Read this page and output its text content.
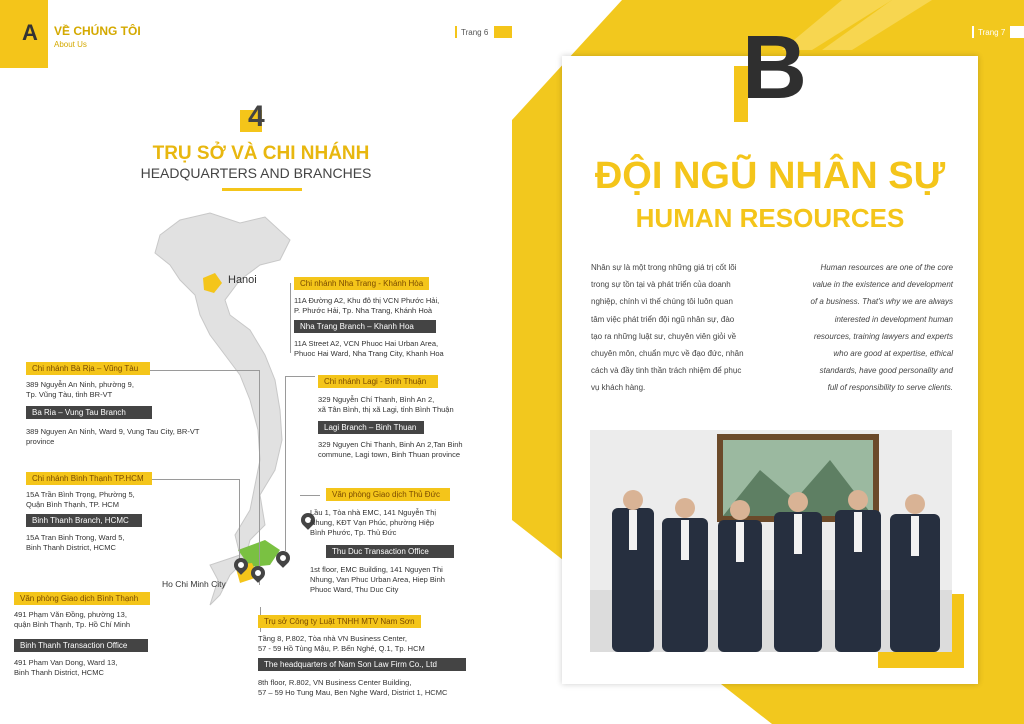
A VỀ CHÚNG TÔI
About Us
Trang 6
4
TRỤ SỞ VÀ CHI NHÁNH
HEADQUARTERS AND BRANCHES
Hanoi
Ho Chi Minh City
Chi nhánh Nha Trang - Khánh Hòa
11A Đường A2, Khu đô thị VCN Phước Hải,
P. Phước Hải, Tp. Nha Trang, Khánh Hoà
Nha Trang Branch – Khanh Hoa
11A Street A2, VCN Phuoc Hai Urban Area,
Phuoc Hai Ward, Nha Trang City, Khanh Hoa
Chi nhánh Bà Rịa – Vũng Tàu
389 Nguyễn An Ninh, phường 9,
Tp. Vũng Tàu, tỉnh BR-VT
Ba Ria – Vung Tau Branch
389 Nguyen An Ninh, Ward 9, Vung Tau City, BR-VT
province
Chi nhánh Lagi - Bình Thuận
329 Nguyễn Chí Thanh, Bình An 2,
xã Tân Bình, thị xã Lagi, tỉnh Bình Thuận
Lagi Branch – Binh Thuan
329 Nguyen Chi Thanh, Binh An 2,Tan Binh
commune, Lagi town, Binh Thuan province
Chi nhánh Bình Thạnh TP.HCM
15A Trần Bình Trọng, Phường 5,
Quận Bình Thạnh, TP. HCM
Binh Thanh Branch, HCMC
15A Tran Binh Trong, Ward 5,
Binh Thanh District, HCMC
Văn phòng Giao dịch Thủ Đức
Lầu 1, Tòa nhà EMC, 141 Nguyễn Thị
Nhung, KĐT Vạn Phúc, phường Hiệp
Bình Phước, Tp. Thủ Đức
Thu Duc Transaction Office
1st floor, EMC Building, 141 Nguyen Thi
Nhung, Van Phuc Urban Area, Hiep Binh
Phuoc Ward, Thu Duc City
Văn phòng Giao dịch Bình Thạnh
491 Phạm Văn Đồng, phường 13,
quận Bình Thạnh, Tp. Hồ Chí Minh
Binh Thanh Transaction Office
491 Pham Van Dong, Ward 13,
Binh Thanh District, HCMC
Trụ sở Công ty Luật TNHH MTV Nam Sơn
Tầng 8, P.802, Tòa nhà VN Business Center,
57 - 59 Hồ Tùng Mậu, P. Bến Nghé, Q.1, Tp. HCM
The headquarters of Nam Son Law Firm Co., Ltd
8th floor, R.802, VN Business Center Building,
57 – 59 Ho Tung Mau, Ben Nghe Ward, District 1, HCMC
Trang 7
B
ĐỘI NGŨ NHÂN SỰ
HUMAN RESOURCES
Nhân sự là một trong những giá trị cốt lõi
trong sự tồn tại và phát triển của doanh
nghiệp, chính vì thế chúng tôi luôn quan
tâm việc phát triển đội ngũ nhân sự, đào
tạo ra những luật sư, chuyên viên giỏi về
chuyên môn, chuẩn mực về đạo đức, nhân
cách và đầy tinh thần trách nhiệm để phục
vụ khách hàng.
Human resources are one of the core
value in the existence and development
of a business. That's why we are always
interested in development human
resources, training lawyers and experts
who are good at expertise, ethical
standards, have good personality and
full of responsibility to serve clients.
